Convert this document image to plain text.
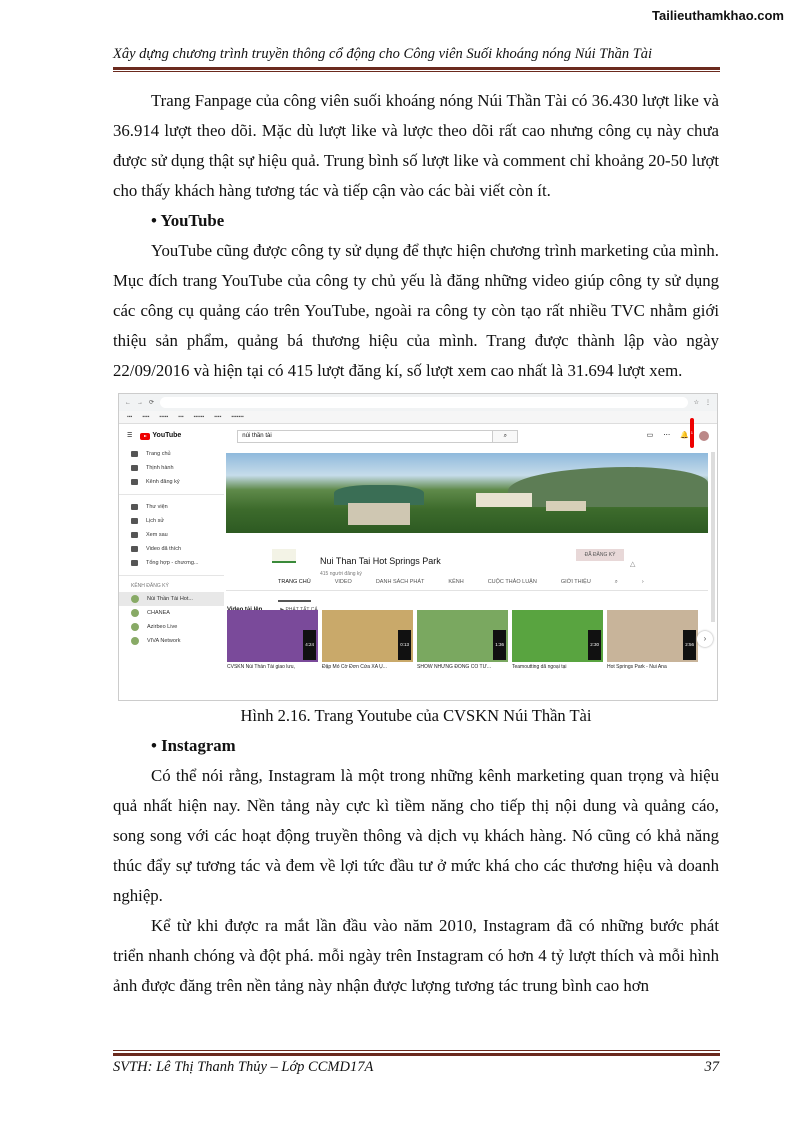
Tailieuthamkhao.com
Xây dựng chương trình truyền thông cổ động cho Công viên Suối khoáng nóng Núi Thần Tài

Trang Fanpage của công viên suối khoáng nóng Núi Thần Tài có 36.430 lượt like và 36.914 lượt theo dõi. Mặc dù lượt like và lược theo dõi rất cao nhưng công cụ này chưa được sử dụng thật sự hiệu quả. Trung bình số lượt like và comment chỉ khoảng 20-50 lượt cho thấy khách hàng tương tác và tiếp cận vào các bài viết còn ít.

• YouTube

YouTube cũng được công ty sử dụng để thực hiện chương trình marketing của mình. Mục đích trang YouTube của công ty chủ yếu là đăng những video giúp công ty sử dụng các công cụ quảng cáo trên YouTube, ngoài ra công ty còn tạo rất nhiều TVC nhằm giới thiệu sản phẩm, quảng bá thương hiệu của mình. Trang được thành lập vào ngày 22/09/2016 và hiện tại có 415 lượt đăng kí, số lượt xem cao nhất là 31.694 lượt xem.

← → ⟳	☆ ⋮
▪▪▪ ▪▪▪▪ ▪▪▪▪▪ ▪▪▪ ▪▪▪▪▪▪ ▪▪▪▪ ▪▪▪▪▪▪▪
☰	YouTube	núi thần tài	⌕	▭ ⋯ 🔔 1
Trang chủ
Thịnh hành
Kênh đăng ký
Thư viện
Lịch sử
Xem sau
Video đã thích
Tổng hợp - chương...
KÊNH ĐĂNG KÝ
Núi Thần Tài Hot...
CHANEA
Azirbeo Live
VIVA Network
Nui Than Tai Hot Springs Park
415 người đăng ký
ĐÃ ĐĂNG KÝ
△
TRANG CHỦ	VIDEO	DANH SÁCH PHÁT	KÊNH	CUỘC THẢO LUẬN	GIỚI THIỆU	⌕	›
4:24
CVSKN Núi Thần Tài giao lưu,
0:13
Đập Mỏ Cờ Đơn Cửa XA Ụ...
1:36
SHOW NHỮNG ĐỒNG CỎ TỪ...
2:30
Teamoutting dã ngoại tại
2:56
Hot Springs Park - Nui Ana
›

Hình 2.16. Trang Youtube của CVSKN Núi Thần Tài

• Instagram

Có thể nói rằng, Instagram là một trong những kênh marketing quan trọng và hiệu quả nhất hiện nay. Nền tảng này cực kì tiềm năng cho tiếp thị nội dung và quảng cáo, song song với các hoạt động truyền thông và dịch vụ khách hàng. Nó cũng có khả năng thúc đẩy sự tương tác và đem về lợi tức đầu tư ở mức khá cho các thương hiệu và doanh nghiệp.

Kể từ khi được ra mắt lần đầu vào năm 2010, Instagram đã có những bước phát triển nhanh chóng và đột phá. mỗi ngày trên Instagram có hơn 4 tỷ lượt thích và mỗi hình ảnh được đăng trên nền tảng này nhận được lượng tương tác trung bình cao hơn

SVTH: Lê Thị Thanh Thủy – Lớp CCMD17A	37
